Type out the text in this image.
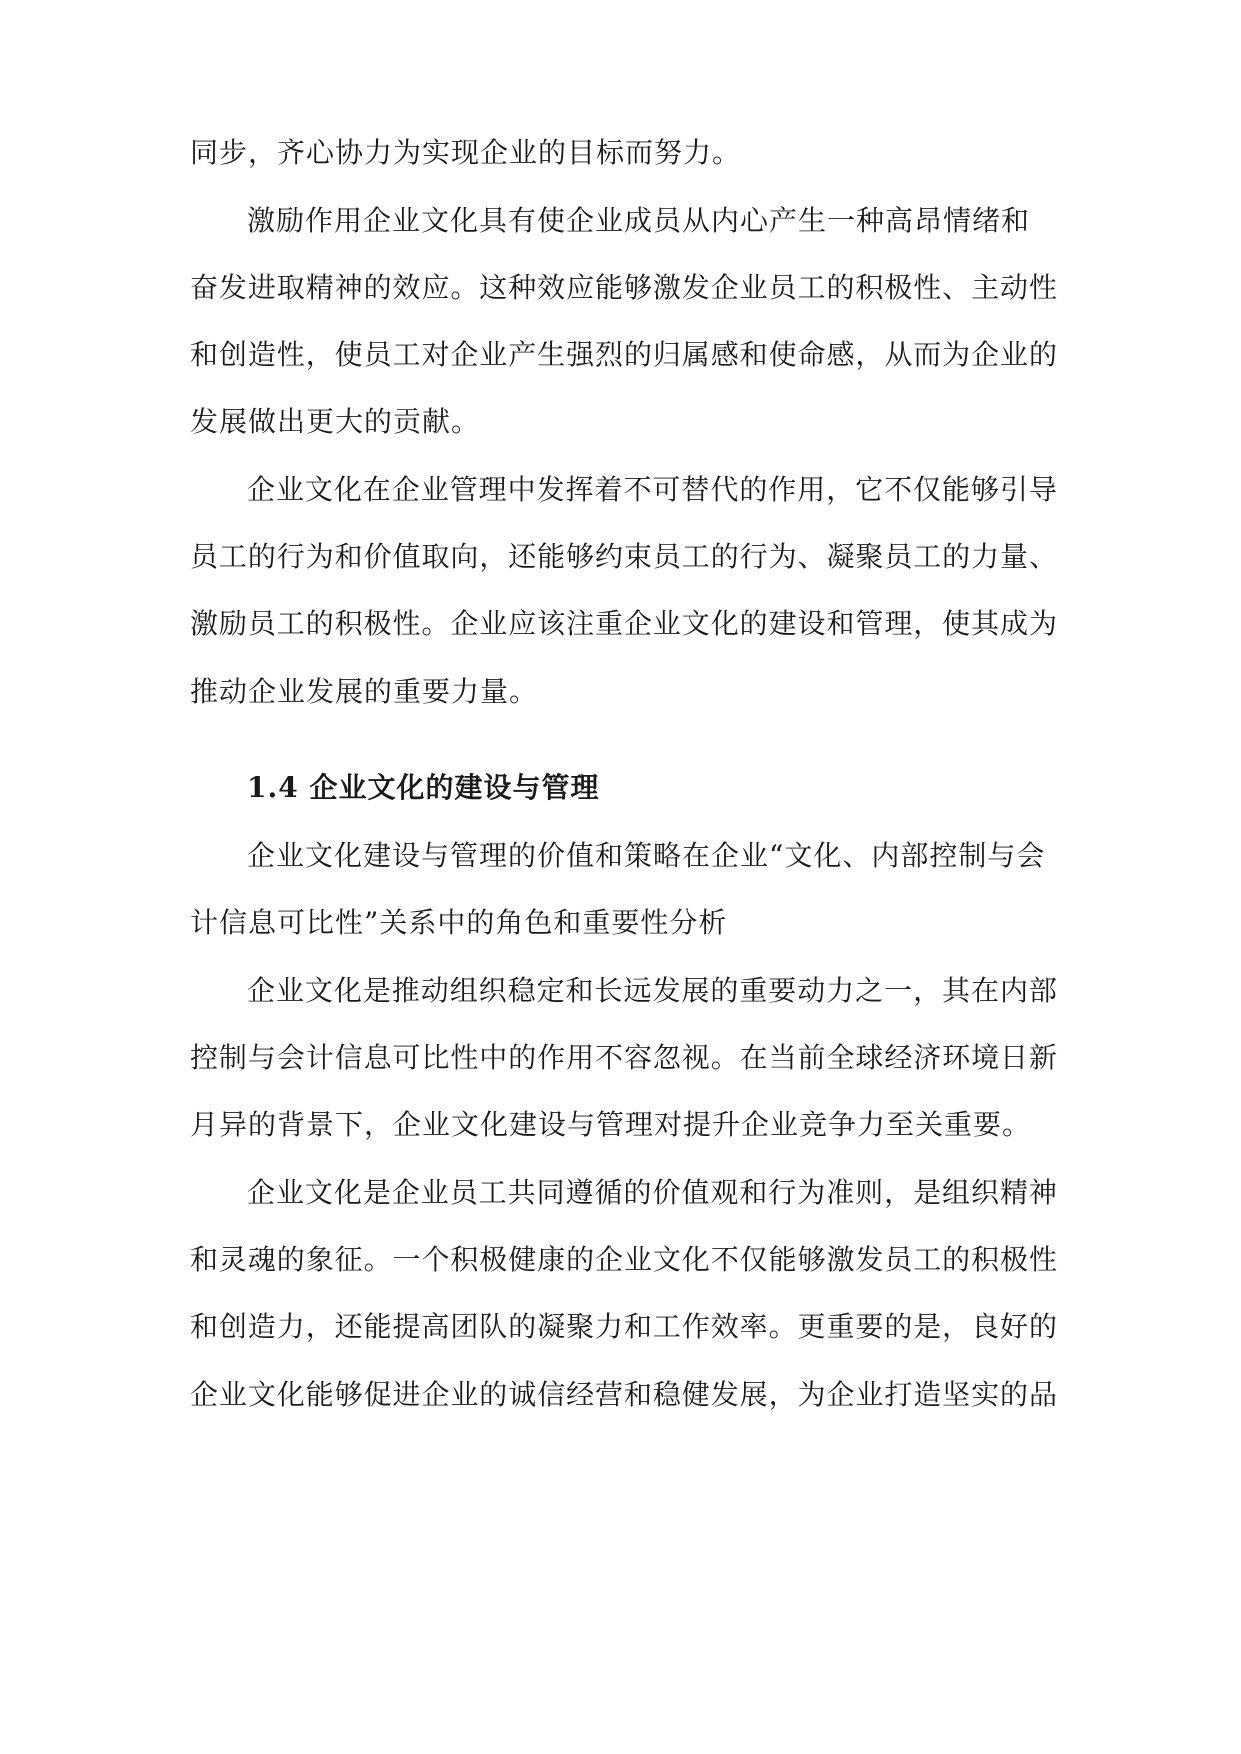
同步，齐心协力为实现企业的目标而努力。
激励作用企业文化具有使企业成员从内心产生一种高昂情绪和
奋发进取精神的效应。这种效应能够激发企业员工的积极性、主动性
和创造性，使员工对企业产生强烈的归属感和使命感，从而为企业的
发展做出更大的贡献。
企业文化在企业管理中发挥着不可替代的作用，它不仅能够引导
员工的行为和价值取向，还能够约束员工的行为、凝聚员工的力量、
激励员工的积极性。企业应该注重企业文化的建设和管理，使其成为
推动企业发展的重要力量。
1.4 企业文化的建设与管理
企业文化建设与管理的价值和策略在企业“文化、内部控制与会
计信息可比性”关系中的角色和重要性分析
企业文化是推动组织稳定和长远发展的重要动力之一，其在内部
控制与会计信息可比性中的作用不容忽视。在当前全球经济环境日新
月异的背景下，企业文化建设与管理对提升企业竞争力至关重要。
企业文化是企业员工共同遵循的价值观和行为准则，是组织精神
和灵魂的象征。一个积极健康的企业文化不仅能够激发员工的积极性
和创造力，还能提高团队的凝聚力和工作效率。更重要的是，良好的
企业文化能够促进企业的诚信经营和稳健发展，为企业打造坚实的品
